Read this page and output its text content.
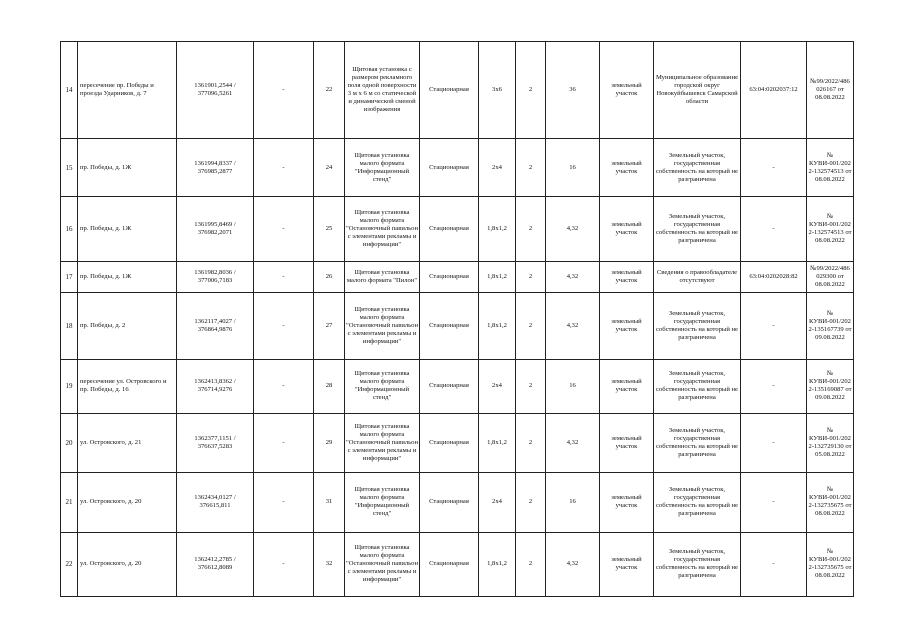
14	пересечение пр. Победы и проезда Ударников, д. 7	1361901,2544 / 377096,5261	-	22	Щитовая установка с размером рекламного поля одной поверхности 3 м х 6 м со статической и динамической сменой изображения	Стационарная	3х6	2	36	земельный участок	Муниципальное образование городской округ Новокуйбышевск Самарской области	63:04:0202037:12	№99/2022/486 026167 от 08.08.2022
15	пр. Победы, д. 1Ж	1361994,8337 / 376985,2877	-	24	Щитовая установка малого формата "Информационный стенд"	Стационарная	2х4	2	16	земельный участок	Земельный участок, государственная собственность на который не разграничена	-	№ КУВИ-001/2022-132574513 от 08.08.2022
16	пр. Победы, д. 1Ж	1361995,8469 / 376982,2071	-	25	Щитовая установка малого формата "Остановочный павильон с элементами рекламы и информации"	Стационарная	1,8х1,2	2	4,32	земельный участок	Земельный участок, государственная собственность на который не разграничена	-	№ КУВИ-001/2022-132574513 от 08.08.2022
17	пр. Победы, д. 1Ж	1361982,8036 / 377006,7183	-	26	Щитовая установка малого формата "Пилон"	Стационарная	1,8х1,2	2	4,32	земельный участок	Сведения о правообладателе отсутствуют	63:04:0202028:82	№99/2022/486 029300 от 08.08.2022
18	пр. Победы, д. 2	1362117,4027 / 376864,9876	-	27	Щитовая установка малого формата "Остановочный павильон с элементами рекламы и информации"	Стационарная	1,8х1,2	2	4,32	земельный участок	Земельный участок, государственная собственность на который не разграничена	-	№ КУВИ-001/2022-135167739 от 09.08.2022
19	пересечение ул. Островского и пр. Победы, д. 16	1362413,8362 / 376714,9276	-	28	Щитовая установка малого формата "Информационный стенд"	Стационарная	2х4	2	16	земельный участок	Земельный участок, государственная собственность на который не разграничена	-	№ КУВИ-001/2022-135169087 от 09.08.2022
20	ул. Островского, д. 21	1362377,1151 / 376637,5283	-	29	Щитовая установка малого формата "Остановочный павильон с элементами рекламы и информации"	Стационарная	1,8х1,2	2	4,32	земельный участок	Земельный участок, государственная собственность на который не разграничена	-	№ КУВИ-001/2022-132729130 от 05.08.2022
21	ул. Островского, д. 20	1362434,0127 / 376615,811	-	31	Щитовая установка малого формата "Информационный стенд"	Стационарная	2х4	2	16	земельный участок	Земельный участок, государственная собственность на который не разграничена	-	№ КУВИ-001/2022-132735675 от 08.08.2022
22	ул. Островского, д. 20	1362412,2785 / 376612,8089	-	32	Щитовая установка малого формата "Остановочный павильон с элементами рекламы и информации"	Стационарная	1,8х1,2	2	4,32	земельный участок	Земельный участок, государственная собственность на который не разграничена	-	№ КУВИ-001/2022-132735675 от 08.08.2022
